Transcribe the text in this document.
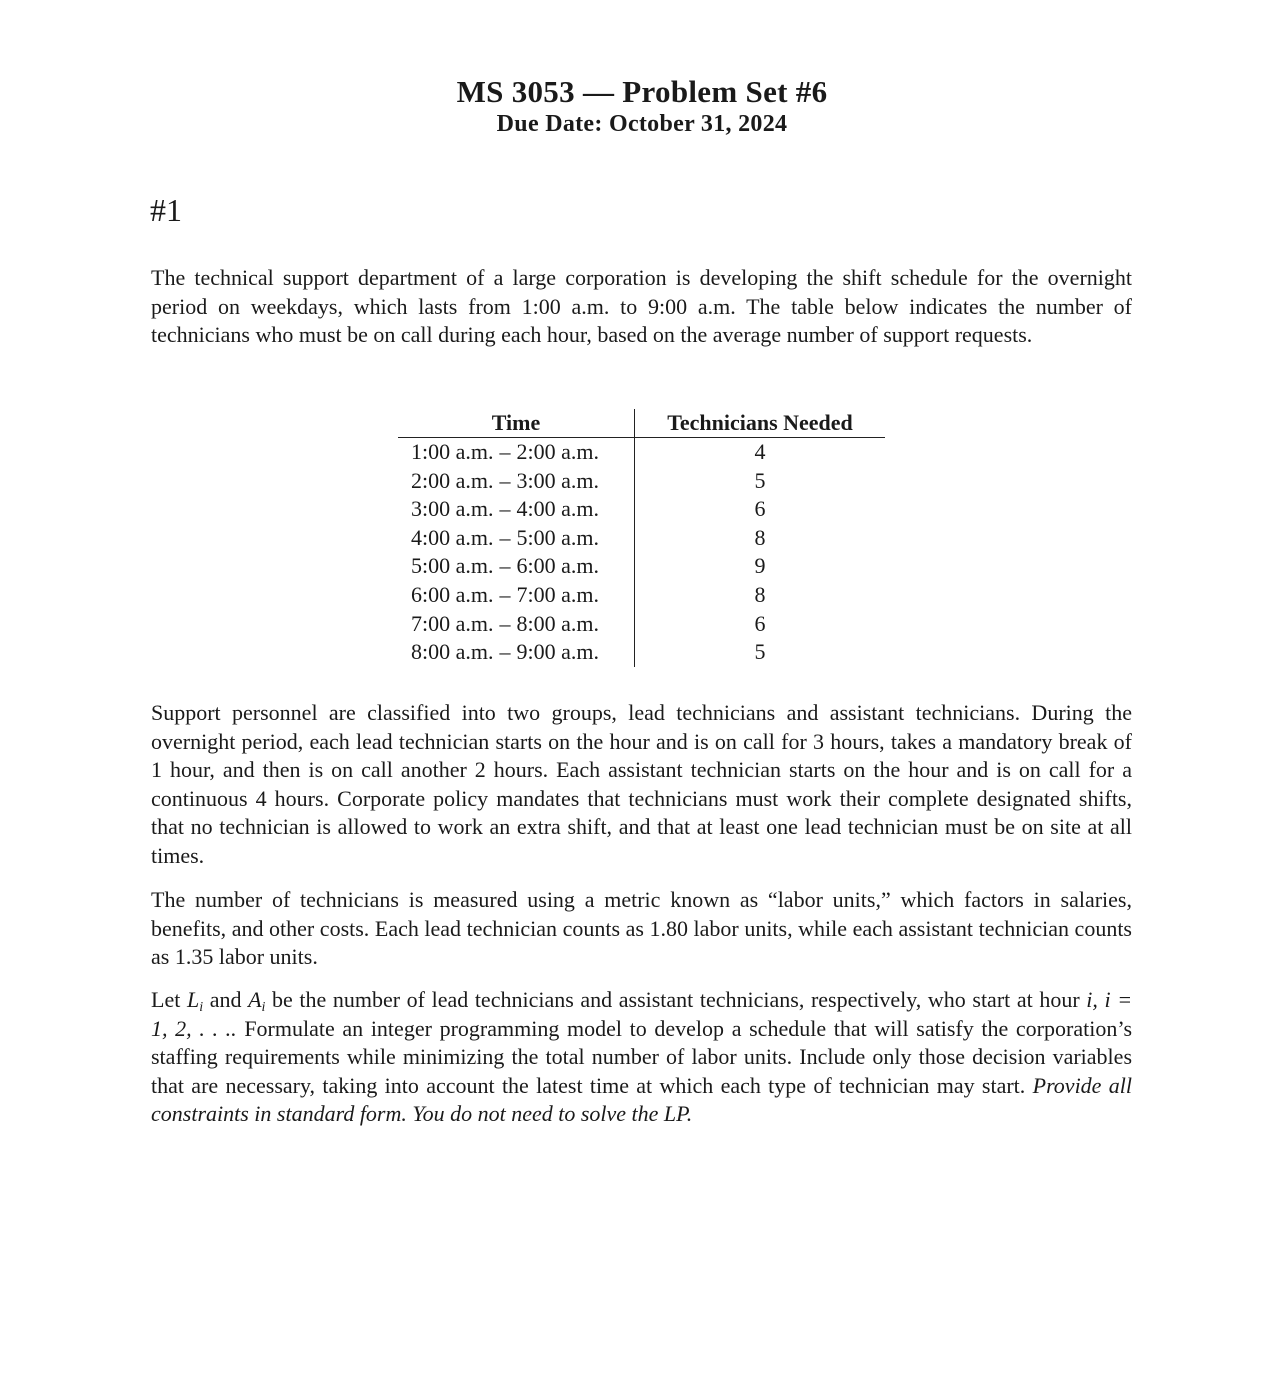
MS 3053 — Problem Set #6
Due Date: October 31, 2024
#1

The technical support department of a large corporation is developing the shift schedule for the overnight period on weekdays, which lasts from 1:00 a.m. to 9:00 a.m. The table below indicates the number of technicians who must be on call during each hour, based on the average number of support requests.

Time	Technicians Needed
1:00 a.m. – 2:00 a.m.	4
2:00 a.m. – 3:00 a.m.	5
3:00 a.m. – 4:00 a.m.	6
4:00 a.m. – 5:00 a.m.	8
5:00 a.m. – 6:00 a.m.	9
6:00 a.m. – 7:00 a.m.	8
7:00 a.m. – 8:00 a.m.	6
8:00 a.m. – 9:00 a.m.	5

Support personnel are classified into two groups, lead technicians and assistant technicians. During the overnight period, each lead technician starts on the hour and is on call for 3 hours, takes a mandatory break of 1 hour, and then is on call another 2 hours. Each assistant technician starts on the hour and is on call for a continuous 4 hours. Corporate policy mandates that technicians must work their complete designated shifts, that no technician is allowed to work an extra shift, and that at least one lead technician must be on site at all times.

The number of technicians is measured using a metric known as “labor units,” which factors in salaries, benefits, and other costs. Each lead technician counts as 1.80 labor units, while each assistant technician counts as 1.35 labor units.

Let $L_i$ and $A_i$ be the number of lead technicians and assistant technicians, respectively, who start at hour i, i = 1, 2, . . .. Formulate an integer programming model to develop a schedule that will satisfy the corporation’s staffing requirements while minimizing the total number of labor units. Include only those decision variables that are necessary, taking into account the latest time at which each type of technician may start. Provide all constraints in standard form. You do not need to solve the LP.
